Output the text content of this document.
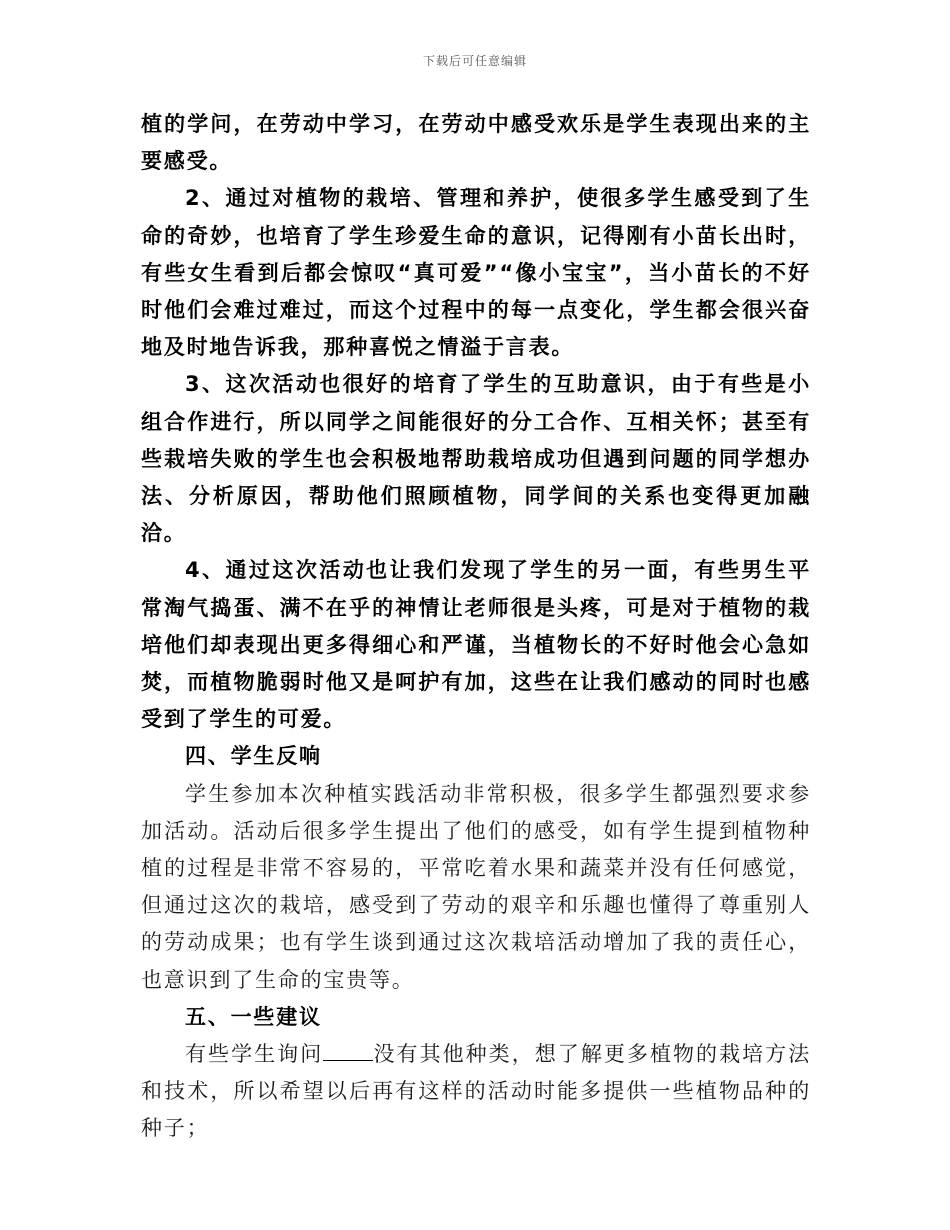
下载后可任意编辑

植的学问，在劳动中学习，在劳动中感受欢乐是学生表现出来的主要感受。

2、通过对植物的栽培、管理和养护，使很多学生感受到了生命的奇妙，也培育了学生珍爱生命的意识，记得刚有小苗长出时，有些女生看到后都会惊叹“真可爱”“像小宝宝”，当小苗长的不好时他们会难过难过，而这个过程中的每一点变化，学生都会很兴奋地及时地告诉我，那种喜悦之情溢于言表。

3、这次活动也很好的培育了学生的互助意识，由于有些是小组合作进行，所以同学之间能很好的分工合作、互相关怀；甚至有些栽培失败的学生也会积极地帮助栽培成功但遇到问题的同学想办法、分析原因，帮助他们照顾植物，同学间的关系也变得更加融洽。

4、通过这次活动也让我们发现了学生的另一面，有些男生平常淘气捣蛋、满不在乎的神情让老师很是头疼，可是对于植物的栽培他们却表现出更多得细心和严谨，当植物长的不好时他会心急如焚，而植物脆弱时他又是呵护有加，这些在让我们感动的同时也感受到了学生的可爱。

四、学生反响

学生参加本次种植实践活动非常积极，很多学生都强烈要求参加活动。活动后很多学生提出了他们的感受，如有学生提到植物种植的过程是非常不容易的，平常吃着水果和蔬菜并没有任何感觉，但通过这次的栽培，感受到了劳动的艰辛和乐趣也懂得了尊重别人的劳动成果；也有学生谈到通过这次栽培活动增加了我的责任心，也意识到了生命的宝贵等。

五、一些建议

有些学生询问 没有其他种类，想了解更多植物的栽培方法和技术，所以希望以后再有这样的活动时能多提供一些植物品种的种子；
